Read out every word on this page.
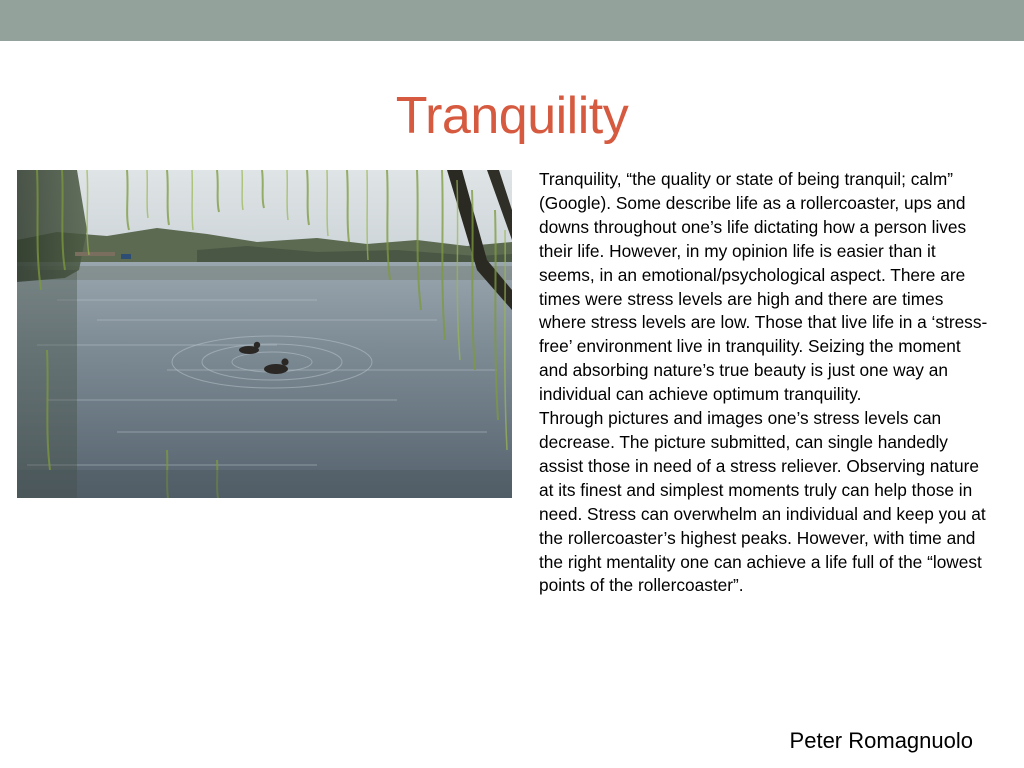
Tranquility

Tranquility, “the quality or state of being tranquil; calm” (Google). Some describe life as a rollercoaster, ups and downs throughout one’s life dictating how a person lives their life. However, in my opinion life is easier than it seems, in an emotional/psychological aspect. There are times were stress levels are high and there are times where stress levels are low. Those that live life in a ‘stress-free’ environment live in tranquility. Seizing the moment and absorbing nature’s true beauty is just one way an individual can achieve optimum tranquility.

Through pictures and images one’s stress levels can decrease. The picture submitted, can single handedly assist those in need of a stress reliever. Observing nature at its finest and simplest moments truly can help those in need. Stress can overwhelm an individual and keep you at the rollercoaster’s highest peaks. However, with time and the right mentality one can achieve a life full of the “lowest points of the rollercoaster”.

Peter Romagnuolo
